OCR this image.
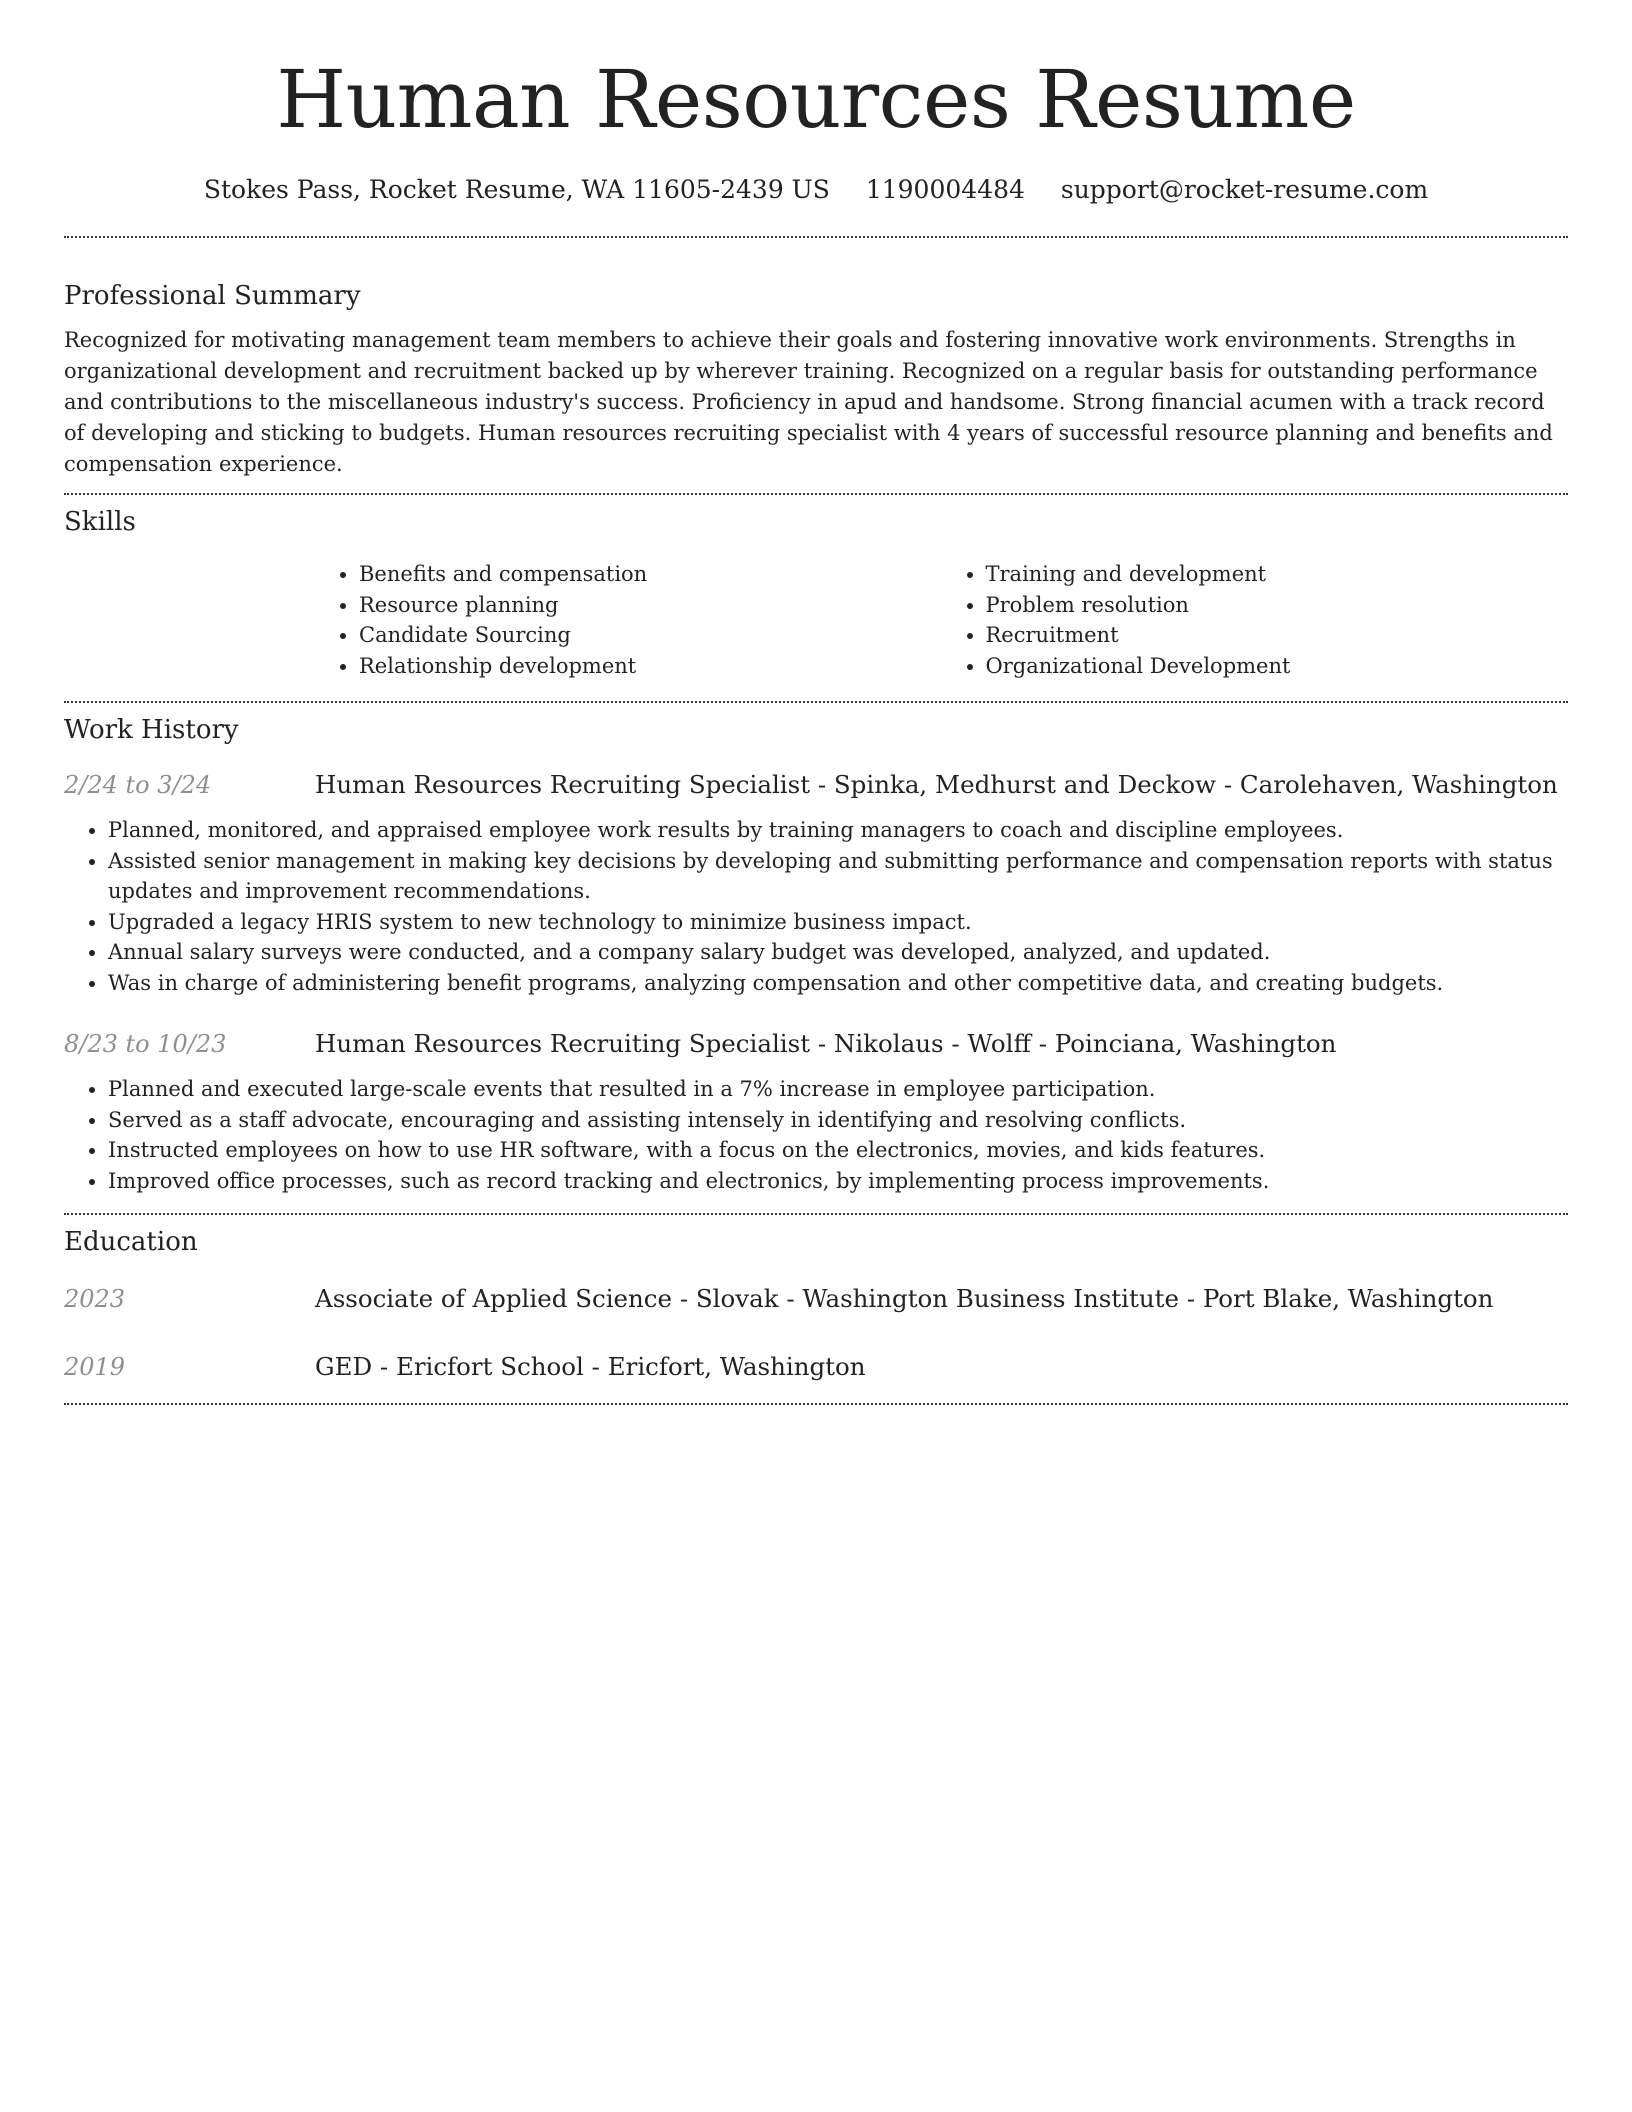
Human Resources Resume
Stokes Pass, Rocket Resume, WA 11605-2439 US 1190004484 support@rocket-resume.com
Professional Summary

Recognized for motivating management team members to achieve their goals and fostering innovative work environments. Strengths in organizational development and recruitment backed up by wherever training. Recognized on a regular basis for outstanding performance and contributions to the miscellaneous industry's success. Proficiency in apud and handsome. Strong financial acumen with a track record of developing and sticking to budgets. Human resources recruiting specialist with 4 years of successful resource planning and benefits and compensation experience.

Skills
• Benefits and compensation
• Resource planning
• Candidate Sourcing
• Relationship development
• Training and development
• Problem resolution
• Recruitment
• Organizational Development
Work History
2/24 to 3/24	Human Resources Recruiting Specialist - Spinka, Medhurst and Deckow - Carolehaven, Washington
• Planned, monitored, and appraised employee work results by training managers to coach and discipline employees.
• Assisted senior management in making key decisions by developing and submitting performance and compensation reports with status updates and improvement recommendations.
• Upgraded a legacy HRIS system to new technology to minimize business impact.
• Annual salary surveys were conducted, and a company salary budget was developed, analyzed, and updated.
• Was in charge of administering benefit programs, analyzing compensation and other competitive data, and creating budgets.
8/23 to 10/23	Human Resources Recruiting Specialist - Nikolaus - Wolff - Poinciana, Washington
• Planned and executed large-scale events that resulted in a 7% increase in employee participation.
• Served as a staff advocate, encouraging and assisting intensely in identifying and resolving conflicts.
• Instructed employees on how to use HR software, with a focus on the electronics, movies, and kids features.
• Improved office processes, such as record tracking and electronics, by implementing process improvements.
Education
2023	Associate of Applied Science - Slovak - Washington Business Institute - Port Blake, Washington
2019	GED - Ericfort School - Ericfort, Washington
